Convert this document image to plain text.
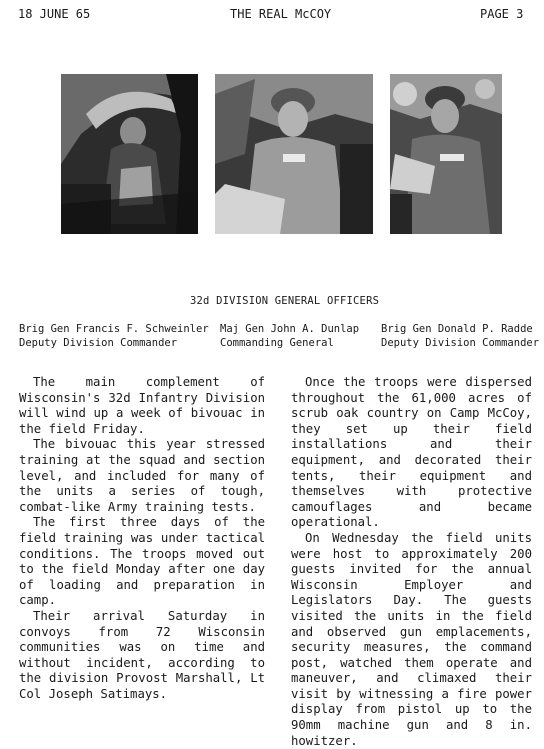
18 JUNE 65	THE REAL McCOY	PAGE 3
32d DIVISION GENERAL OFFICERS
Brig Gen Francis F. Schweinler
Deputy Division Commander
Maj Gen John A. Dunlap
Commanding General
Brig Gen Donald P. Radde
Deputy Division Commander

The main complement of Wisconsin's 32d Infantry Division will wind up a week of bivouac in the field Friday.

The bivouac this year stressed training at the squad and section level, and included for many of the units a series of tough, combat-like Army training tests.

The first three days of the field training was under tactical conditions. The troops moved out to the field Monday after one day of loading and preparation in camp.

Their arrival Saturday in convoys from 72 Wisconsin communities was on time and without incident, according to the division Provost Marshall, Lt Col Joseph Satimays.

Once the troops were dispersed throughout the 61,000 acres of scrub oak country on Camp McCoy, they set up their field installations and their equipment, and decorated their tents, their equipment and themselves with protective camouflages and became operational.

On Wednesday the field units were host to approximately 200 guests invited for the annual Wisconsin Employer and Legislators Day. The guests visited the units in the field and observed gun emplacements, security measures, the command post, watched them operate and maneuver, and climaxed their visit by witnessing a fire power display from pistol up to the 90mm machine gun and 8 in. howitzer.
